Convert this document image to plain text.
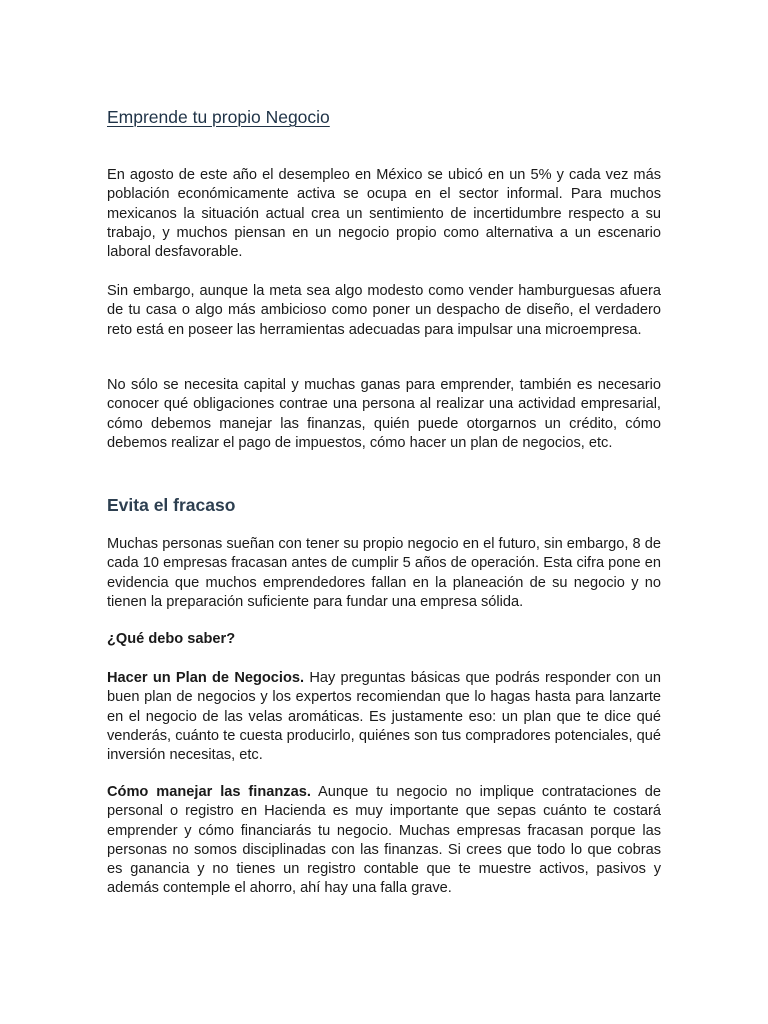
Emprende tu propio Negocio

En agosto de este año el desempleo en México se ubicó en un 5% y cada vez más población económicamente activa se ocupa en el sector informal. Para muchos mexicanos la situación actual crea un sentimiento de incertidumbre respecto a su trabajo, y muchos piensan en un negocio propio como alternativa a un escenario laboral desfavorable.

Sin embargo, aunque la meta sea algo modesto como vender hamburguesas afuera de tu casa o algo más ambicioso como poner un despacho de diseño, el verdadero reto está en poseer las herramientas adecuadas para impulsar una microempresa.

No sólo se necesita capital y muchas ganas para emprender, también es necesario conocer qué obligaciones contrae una persona al realizar una actividad empresarial, cómo debemos manejar las finanzas, quién puede otorgarnos un crédito, cómo debemos realizar el pago de impuestos, cómo hacer un plan de negocios, etc.

Evita el fracaso

Muchas personas sueñan con tener su propio negocio en el futuro, sin embargo, 8 de cada 10 empresas fracasan antes de cumplir 5 años de operación. Esta cifra pone en evidencia que muchos emprendedores fallan en la planeación de su negocio y no tienen la preparación suficiente para fundar una empresa sólida.

¿Qué debo saber?

Hacer un Plan de Negocios. Hay preguntas básicas que podrás responder con un buen plan de negocios y los expertos recomiendan que lo hagas hasta para lanzarte en el negocio de las velas aromáticas. Es justamente eso: un plan que te dice qué venderás, cuánto te cuesta producirlo, quiénes son tus compradores potenciales, qué inversión necesitas, etc.

Cómo manejar las finanzas. Aunque tu negocio no implique contrataciones de personal o registro en Hacienda es muy importante que sepas cuánto te costará emprender y cómo financiarás tu negocio. Muchas empresas fracasan porque las personas no somos disciplinadas con las finanzas. Si crees que todo lo que cobras es ganancia y no tienes un registro contable que te muestre activos, pasivos y además contemple el ahorro, ahí hay una falla grave.
